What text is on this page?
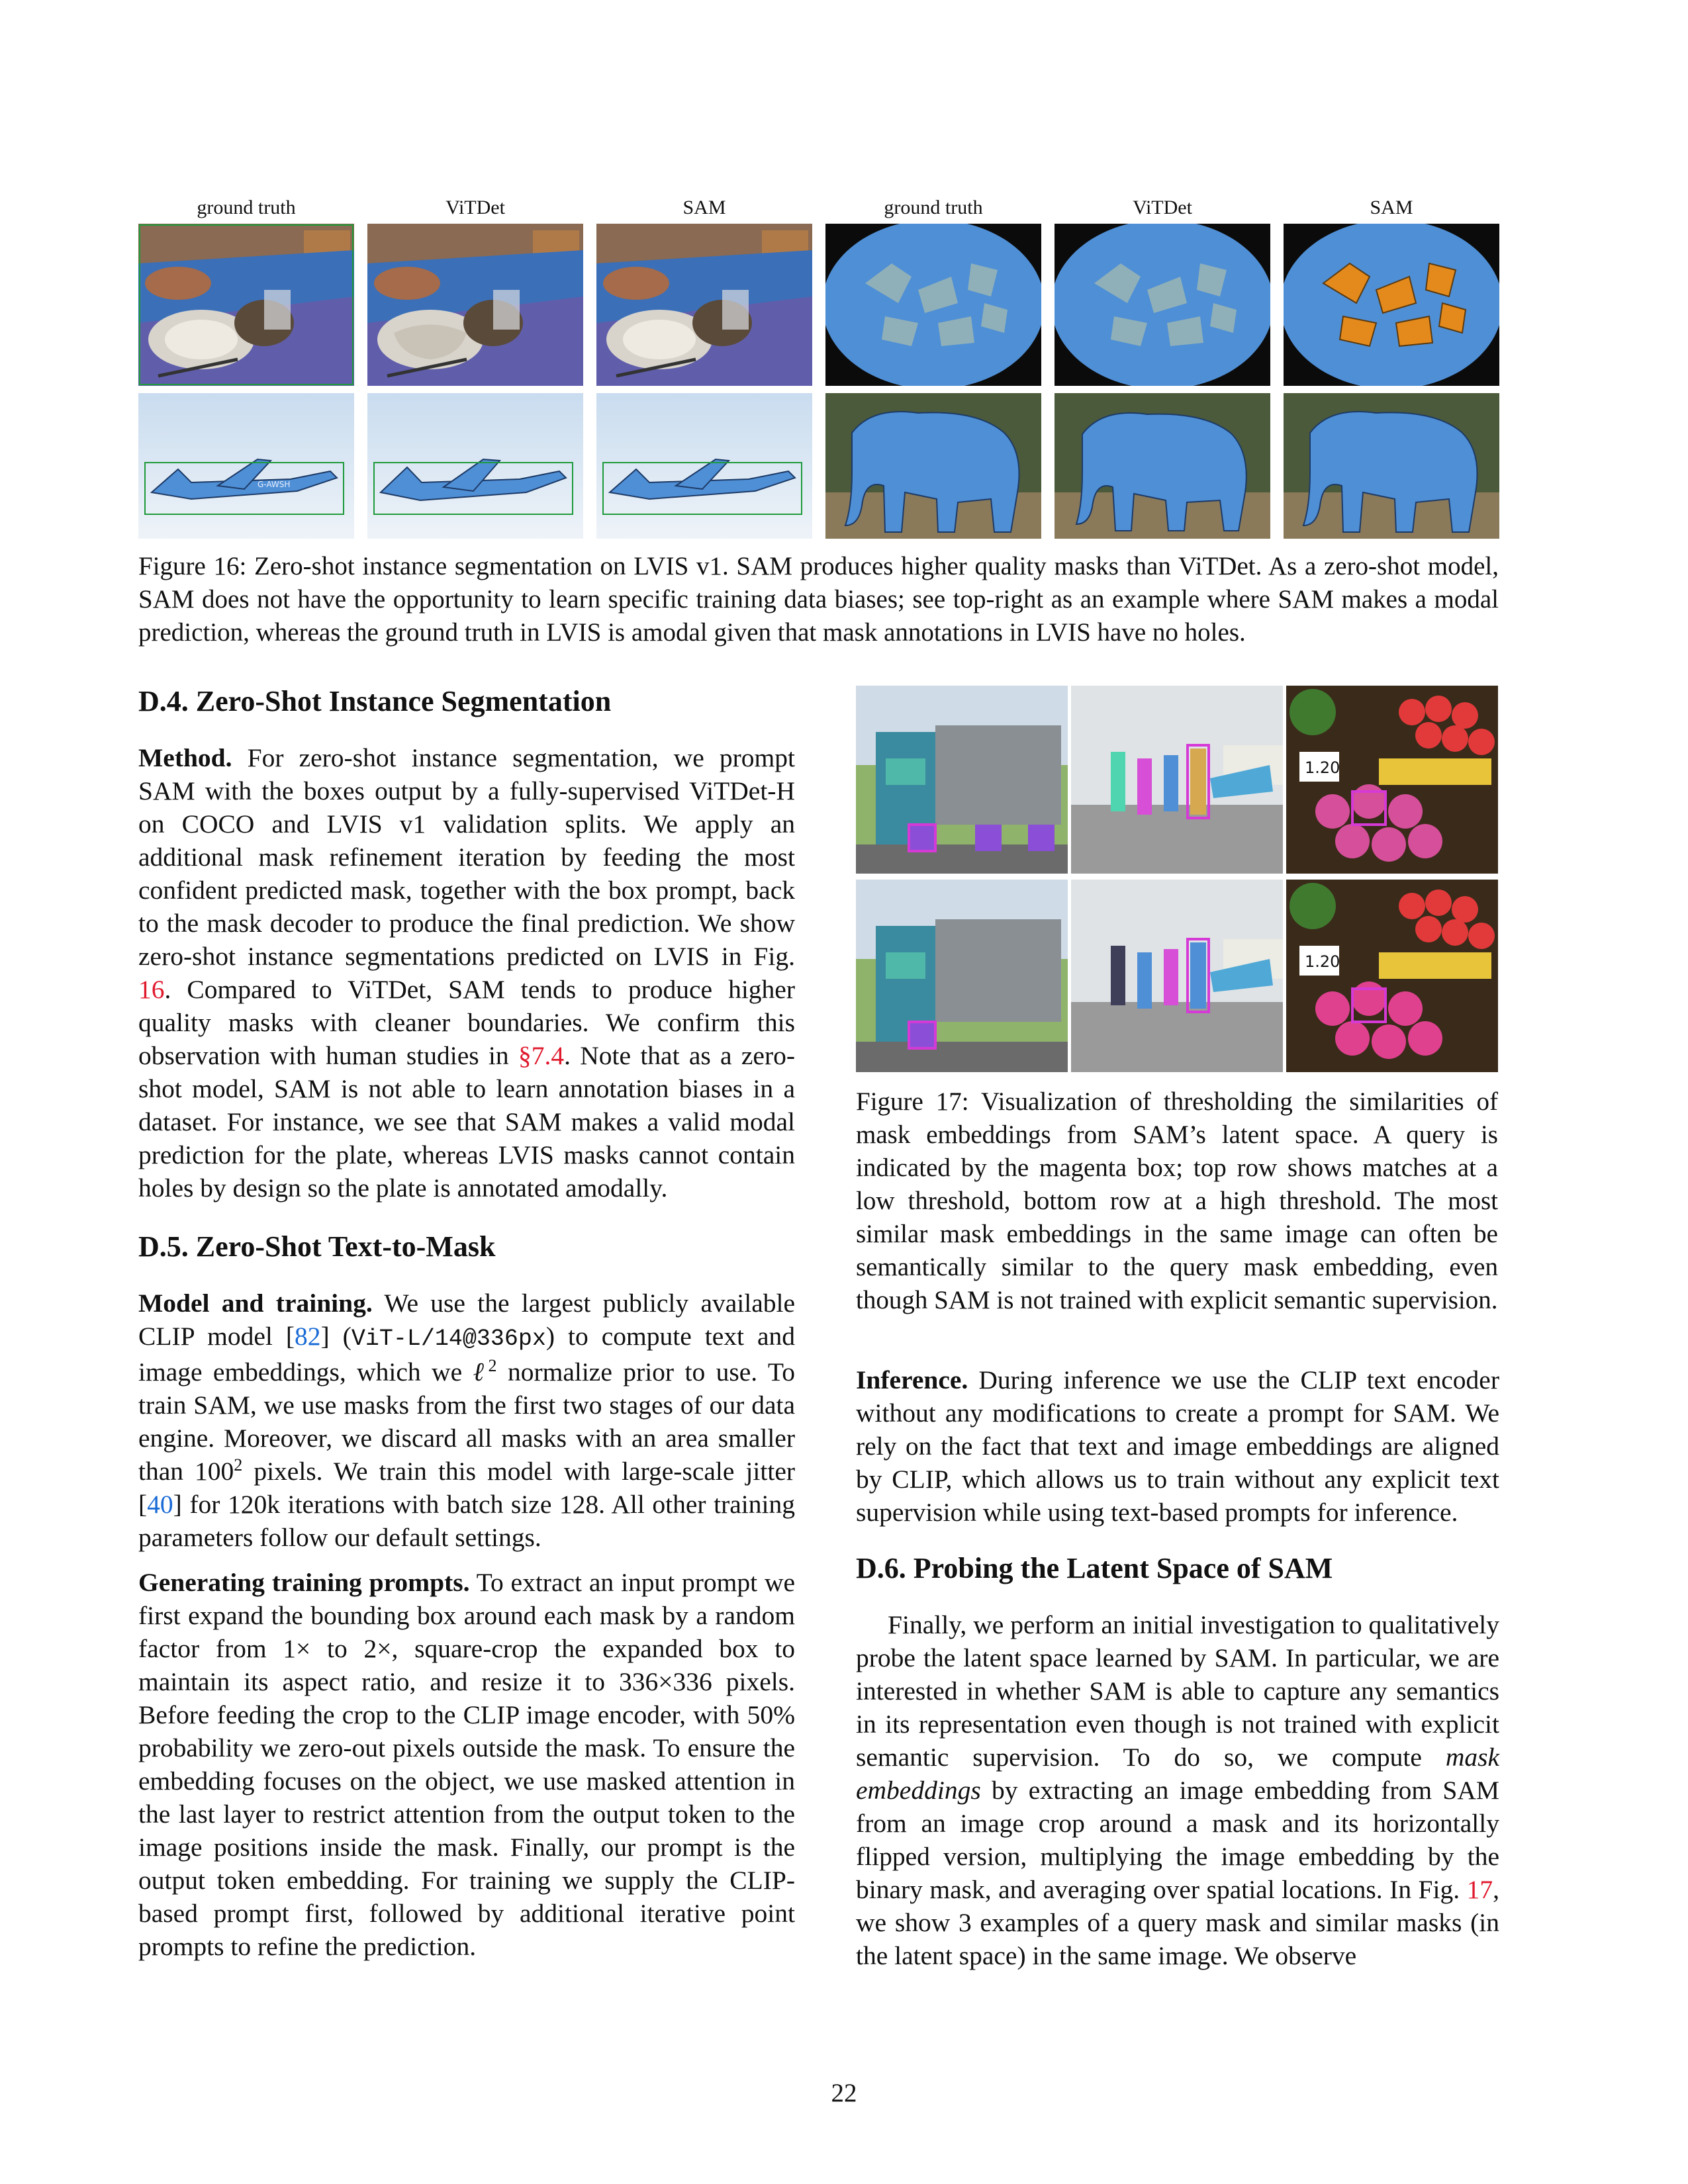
ground truth	ViTDet	SAM	ground truth	ViTDet	SAM
G-AWSH
Figure 16: Zero-shot instance segmentation on LVIS v1. SAM produces higher quality masks than ViTDet. As a zero-shot model, SAM does not have the opportunity to learn specific training data biases; see top-right as an example where SAM makes a modal prediction, whereas the ground truth in LVIS is amodal given that mask annotations in LVIS have no holes.
1.20
1.20
Figure 17: Visualization of thresholding the similarities of mask embeddings from SAM’s latent space. A query is indicated by the magenta box; top row shows matches at a low threshold, bottom row at a high threshold. The most similar mask embeddings in the same image can often be semantically similar to the query mask embedding, even though SAM is not trained with explicit semantic supervision.
D.4. Zero-Shot Instance Segmentation

Method. For zero-shot instance segmentation, we prompt SAM with the boxes output by a fully-supervised ViTDet-H on COCO and LVIS v1 validation splits. We apply an additional mask refinement iteration by feeding the most confident predicted mask, together with the box prompt, back to the mask decoder to produce the final prediction. We show zero-shot instance segmentations predicted on LVIS in Fig. 16. Compared to ViTDet, SAM tends to produce higher quality masks with cleaner boundaries. We confirm this observation with human studies in §7.4. Note that as a zero-shot model, SAM is not able to learn annotation biases in a dataset. For instance, we see that SAM makes a valid modal prediction for the plate, whereas LVIS masks cannot contain holes by design so the plate is annotated amodally.

D.5. Zero-Shot Text-to-Mask

Model and training. We use the largest publicly available CLIP model [82] (ViT-L/14@336px) to compute text and image embeddings, which we ℓ$^2$ normalize prior to use. To train SAM, we use masks from the first two stages of our data engine. Moreover, we discard all masks with an area smaller than $100^2$ pixels. We train this model with large-scale jitter [40] for 120k iterations with batch size 128. All other training parameters follow our default settings.

Generating training prompts. To extract an input prompt we first expand the bounding box around each mask by a random factor from 1× to 2×, square-crop the expanded box to maintain its aspect ratio, and resize it to 336×336 pixels. Before feeding the crop to the CLIP image encoder, with 50% probability we zero-out pixels outside the mask. To ensure the embedding focuses on the object, we use masked attention in the last layer to restrict attention from the output token to the image positions inside the mask. Finally, our prompt is the output token embedding. For training we supply the CLIP-based prompt first, followed by additional iterative point prompts to refine the prediction.

Inference. During inference we use the CLIP text encoder without any modifications to create a prompt for SAM. We rely on the fact that text and image embeddings are aligned by CLIP, which allows us to train without any explicit text supervision while using text-based prompts for inference.

D.6. Probing the Latent Space of SAM

Finally, we perform an initial investigation to qualitatively probe the latent space learned by SAM. In particular, we are interested in whether SAM is able to capture any semantics in its representation even though is not trained with explicit semantic supervision. To do so, we compute mask embeddings by extracting an image embedding from SAM from an image crop around a mask and its horizontally flipped version, multiplying the image embedding by the binary mask, and averaging over spatial locations. In Fig. 17, we show 3 examples of a query mask and similar masks (in the latent space) in the same image. We observe

22
